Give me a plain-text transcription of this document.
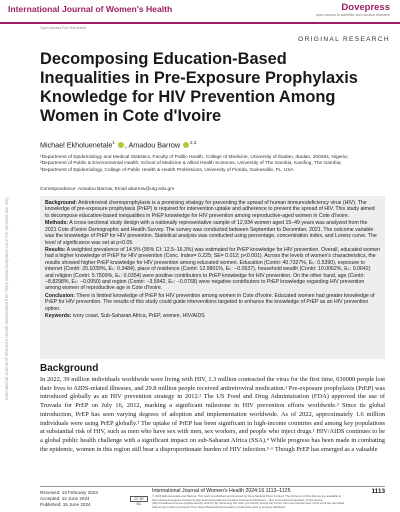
International Journal of Women's Health	Dovepress
open access to scientific and medical research
Open Access Full Text Article
ORIGINAL RESEARCH
International Journal of Women's Health downloaded from https://www.dovepress.com/ For personal use only.
Decomposing Education-Based Inequalities in Pre-Exposure Prophylaxis Knowledge for HIV Prevention Among Women in Cote d'Ivoire
Michael Ekholuenetale$^1$ , Amadou Barrow $^{2,3}$
¹Department of Epidemiology and Medical Statistics, Faculty of Public Health, College of Medicine, University of Ibadan, Ibadan, 200284, Nigeria;
²Department of Public & Environmental Health, School of Medicine & Allied Health Sciences, University of The Gambia, Kanifing, The Gambia;
³Department of Epidemiology, College of Public Health & Health Professions, University of Florida, Gainesville, FL, USA
Correspondence: Amadou Barrow, Email abarrow@utg.edu.gm

Background: Antiretroviral chemoprophylaxis is a promising strategy for preventing the spread of human immunodeficiency virus (HIV). The knowledge of pre-exposure prophylaxis (PrEP) is required for intervention uptake and adherence to prevent the spread of HIV. This study aimed to decompose education-based inequalities in PrEP knowledge for HIV prevention among reproductive-aged women in Cote d'Ivoire.

Methods: A cross-sectional study design with a nationally representative sample of 12,934 women aged 15–49 years was analyzed from the 2021 Cote d'Ivoire Demographic and Health Survey. The survey was conducted between September to December, 2021. The outcome variable was the knowledge of PrEP for HIV prevention. Statistical analysis was conducted using percentage, concentration index, and Lorenz curve. The level of significance was set at p<0.05.

Results: A weighted prevalence of 14.5% (95% CI: 12.5–16.3%) was estimated for PrEP knowledge for HIV prevention. Overall, educated women had a higher knowledge of PrEP for HIV prevention (Conc. Index= 0.225; SE= 0.012; p<0.001). Across the levels of women's characteristics, the results showed higher PrEP knowledge for HIV prevention among educated women. Education (Contri: 40.7327%, Eₖ: 0.5390), exposure to internet (Contri: 20.1039%, Eₖ: 0.3484), place of residence (Contri: 12.9801%, Eₖ: −0.0537), household wealth (Contri: 10.0062%, Eₖ: 0.0642) and religion (Contri: 5.7509%, Eₖ: 0.0354) were positive contributors to PrEP knowledge for HIV prevention. On the other hand, age (Contri: −8.8298%, Eₖ: −0.0950) and region (Contri: −3.5942, Eₖ: −0.0768) were negative contributors to PrEP knowledge regarding HIV prevention among women of reproductive age in Cote d'Ivoire.

Conclusion: There is limited knowledge of PrEP for HIV prevention among women in Cote d'Ivoire. Educated women had greater knowledge of PrEP for HIV prevention. The results of this study could guide interventions targeted to enhance the knowledge of PrEP as an HIV prevention option.

Keywords: ivory coast, Sub-Saharan Africa, PrEP, women, HIV/AIDS

Background
In 2022, 39 million individuals worldwide were living with HIV, 1.3 million contracted the virus for the first time, 630000 people lost their lives to AIDS-related illnesses, and 29.8 million people received antiretroviral medication.¹ Pre-exposure prophylaxis (PrEP) was introduced globally as an HIV prevention strategy in 2012.² The US Food and Drug Administration (FDA) approved the use of Truvada for PrEP on July 16, 2012, marking a significant milestone in HIV prevention efforts worldwide.³ Since its global introduction, PrEP has seen varying degrees of adoption and implementation worldwide. As of 2022, approximately 1.6 million individuals were using PrEP globally.¹ The uptake of PrEP has been significant in high-income countries and among key populations at substantial risk of HIV, such as men who have sex with men, sex workers, and people who inject drugs.¹ HIV/AIDS continues to be a global public health challenge with a significant impact on sub-Saharan Africa (SSA).⁴ While progress has been made in combating the epidemic, women in this region still bear a disproportionate burden of HIV infection.⁵·⁶ Though PrEP has emerged as a valuable
Received: 13 February 2024
Accepted: 12 June 2024
Published: 15 June 2024
CC BY NC
International Journal of Women's Health 2024:16 1113–1125
© 2024 Ekholuenetale and Barrow. This work is published and licensed by Dove Medical Press Limited. The full terms of this license are available at https://www.dovepress.com/terms.php and incorporate the Creative Commons Attribution – Non Commercial (unported, v3.0) License (http://creativecommons.org/licenses/by-nc/3.0/). By accessing the work you hereby accept the Terms. Non-commercial uses of the work are permitted without any further permission from Dove Medical Press Limited, provided the work is properly attributed.
1113
